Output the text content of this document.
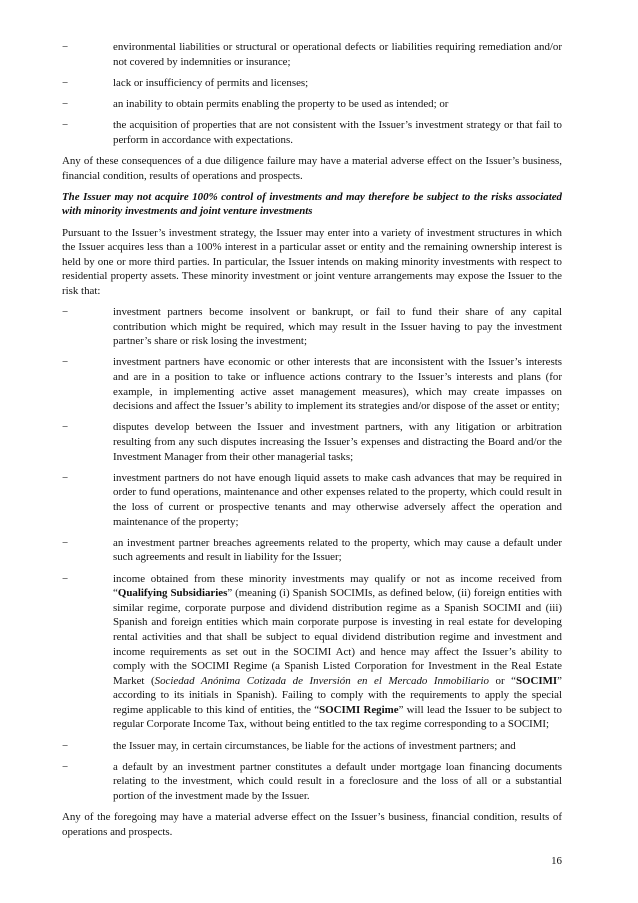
−	environmental liabilities or structural or operational defects or liabilities requiring remediation and/or not covered by indemnities or insurance;
−	lack or insufficiency of permits and licenses;
−	an inability to obtain permits enabling the property to be used as intended; or
−	the acquisition of properties that are not consistent with the Issuer’s investment strategy or that fail to perform in accordance with expectations.

Any of these consequences of a due diligence failure may have a material adverse effect on the Issuer’s business, financial condition, results of operations and prospects.

The Issuer may not acquire 100% control of investments and may therefore be subject to the risks associated with minority investments and joint venture investments

Pursuant to the Issuer’s investment strategy, the Issuer may enter into a variety of investment structures in which the Issuer acquires less than a 100% interest in a particular asset or entity and the remaining ownership interest is held by one or more third parties. In particular, the Issuer intends on making minority investments with respect to residential property assets. These minority investment or joint venture arrangements may expose the Issuer to the risk that:

−	investment partners become insolvent or bankrupt, or fail to fund their share of any capital contribution which might be required, which may result in the Issuer having to pay the investment partner’s share or risk losing the investment;
−	investment partners have economic or other interests that are inconsistent with the Issuer’s interests and are in a position to take or influence actions contrary to the Issuer’s interests and plans (for example, in implementing active asset management measures), which may create impasses on decisions and affect the Issuer’s ability to implement its strategies and/or dispose of the asset or entity;
−	disputes develop between the Issuer and investment partners, with any litigation or arbitration resulting from any such disputes increasing the Issuer’s expenses and distracting the Board and/or the Investment Manager from their other managerial tasks;
−	investment partners do not have enough liquid assets to make cash advances that may be required in order to fund operations, maintenance and other expenses related to the property, which could result in the loss of current or prospective tenants and may otherwise adversely affect the operation and maintenance of the property;
−	an investment partner breaches agreements related to the property, which may cause a default under such agreements and result in liability for the Issuer;
−	income obtained from these minority investments may qualify or not as income received from “Qualifying Subsidiaries” (meaning (i) Spanish SOCIMIs, as defined below, (ii) foreign entities with similar regime, corporate purpose and dividend distribution regime as a Spanish SOCIMI and (iii) Spanish and foreign entities which main corporate purpose is investing in real estate for developing rental activities and that shall be subject to equal dividend distribution regime and investment and income requirements as set out in the SOCIMI Act) and hence may affect the Issuer’s ability to comply with the SOCIMI Regime (a Spanish Listed Corporation for Investment in the Real Estate Market (Sociedad Anónima Cotizada de Inversión en el Mercado Inmobiliario or “SOCIMI” according to its initials in Spanish). Failing to comply with the requirements to apply the special regime applicable to this kind of entities, the “SOCIMI Regime” will lead the Issuer to be subject to regular Corporate Income Tax, without being entitled to the tax regime corresponding to a SOCIMI;
−	the Issuer may, in certain circumstances, be liable for the actions of investment partners; and
−	a default by an investment partner constitutes a default under mortgage loan financing documents relating to the investment, which could result in a foreclosure and the loss of all or a substantial portion of the investment made by the Issuer.

Any of the foregoing may have a material adverse effect on the Issuer’s business, financial condition, results of operations and prospects.

16
